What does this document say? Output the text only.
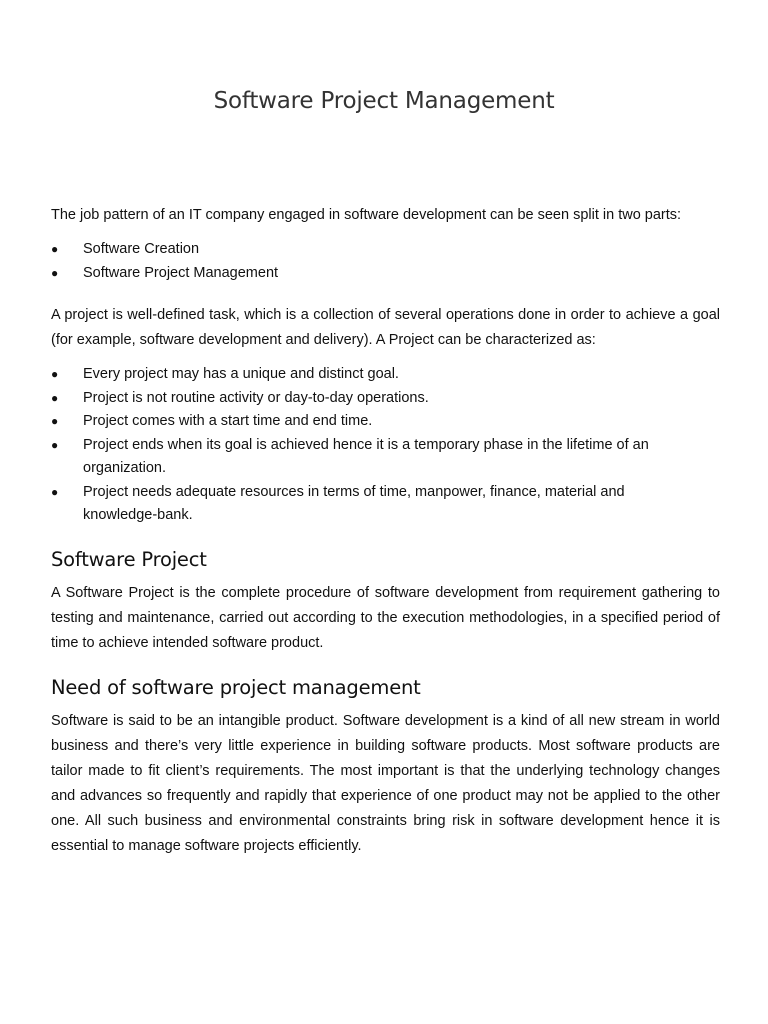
Software Project Management

The job pattern of an IT company engaged in software development can be seen split in two parts:

● Software Creation
● Software Project Management

A project is well-defined task, which is a collection of several operations done in order to achieve a goal (for example, software development and delivery). A Project can be characterized as:

● Every project may has a unique and distinct goal.
● Project is not routine activity or day-to-day operations.
● Project comes with a start time and end time.
● Project ends when its goal is achieved hence it is a temporary phase in the lifetime of an organization.
● Project needs adequate resources in terms of time, manpower, finance, material and knowledge-bank.
Software Project

A Software Project is the complete procedure of software development from requirement gathering to testing and maintenance, carried out according to the execution methodologies, in a specified period of time to achieve intended software product.

Need of software project management

Software is said to be an intangible product. Software development is a kind of all new stream in world business and there’s very little experience in building software products. Most software products are tailor made to fit client’s requirements. The most important is that the underlying technology changes and advances so frequently and rapidly that experience of one product may not be applied to the other one. All such business and environmental constraints bring risk in software development hence it is essential to manage software projects efficiently.
